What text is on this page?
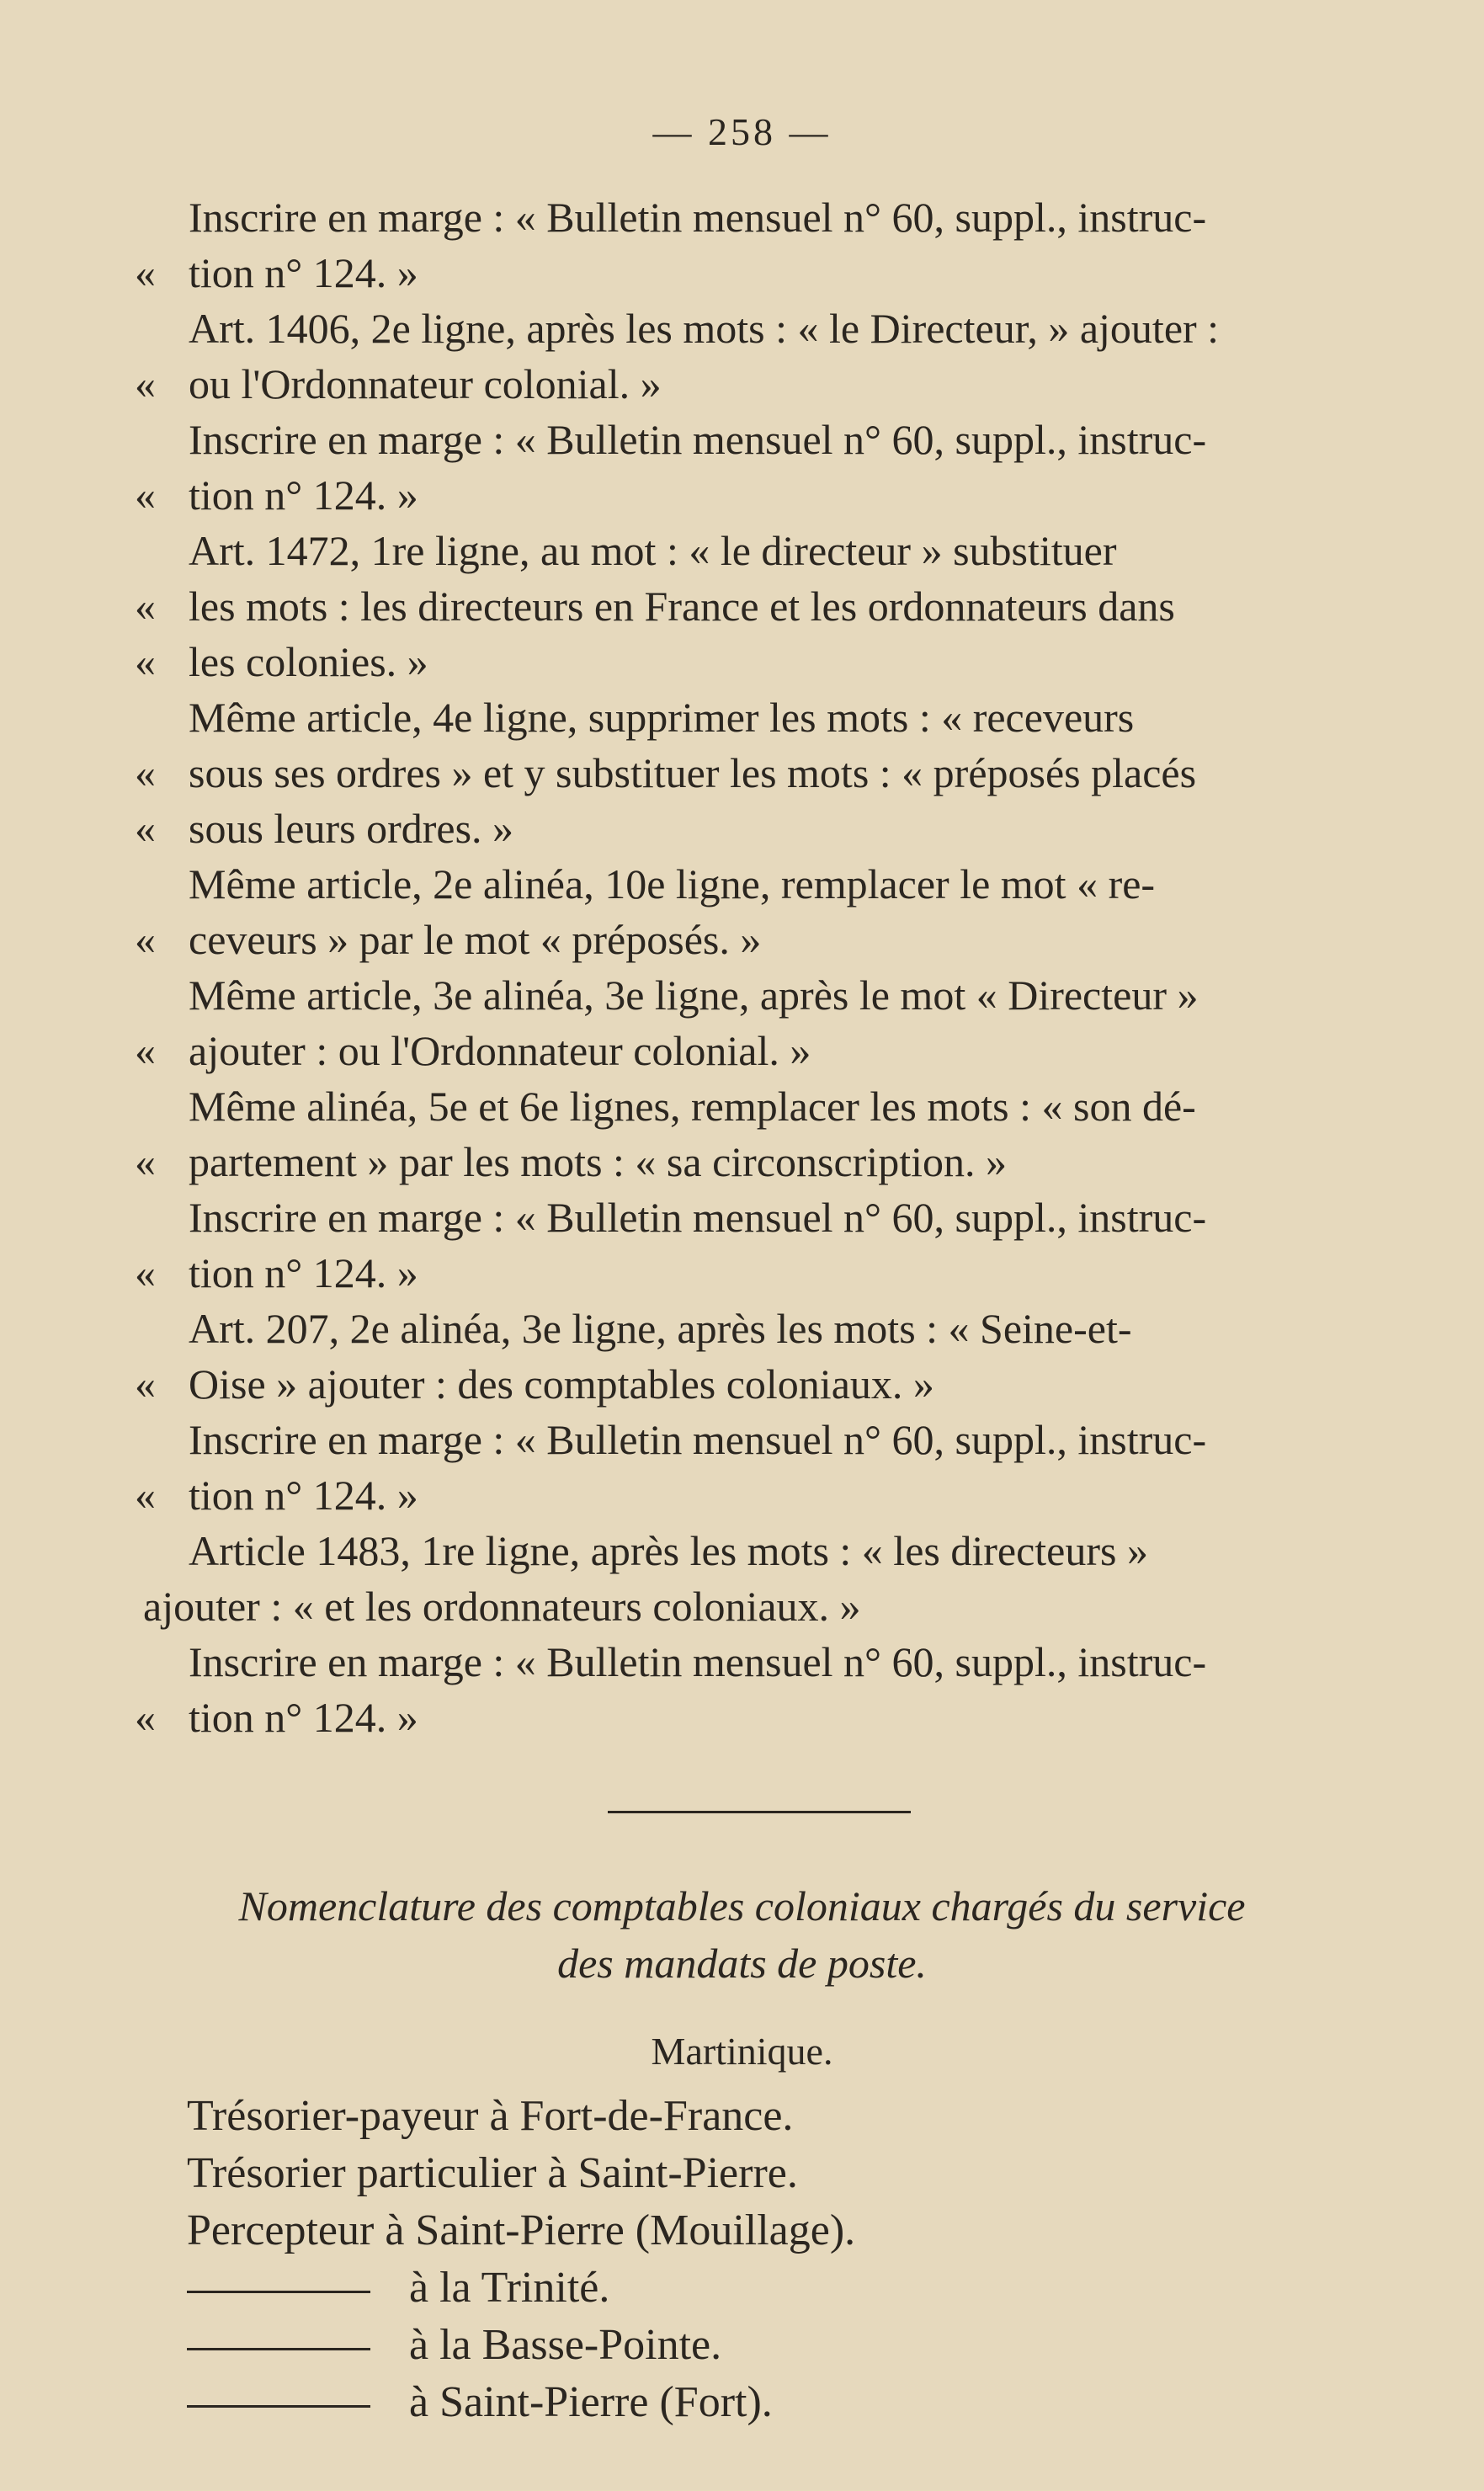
— 258 —
Inscrire en marge : « Bulletin mensuel n° 60, suppl., instruc-
« tion n° 124. »
Art. 1406, 2e ligne, après les mots : « le Directeur, » ajouter :
« ou l'Ordonnateur colonial. »
Inscrire en marge : « Bulletin mensuel n° 60, suppl., instruc-
« tion n° 124. »
Art. 1472, 1re ligne, au mot : « le directeur » substituer
« les mots : les directeurs en France et les ordonnateurs dans
« les colonies. »
Même article, 4e ligne, supprimer les mots : « receveurs
« sous ses ordres » et y substituer les mots : « préposés placés
« sous leurs ordres. »
Même article, 2e alinéa, 10e ligne, remplacer le mot « re-
« ceveurs » par le mot « préposés. »
Même article, 3e alinéa, 3e ligne, après le mot « Directeur »
« ajouter : ou l'Ordonnateur colonial. »
Même alinéa, 5e et 6e lignes, remplacer les mots : « son dé-
« partement » par les mots : « sa circonscription. »
Inscrire en marge : « Bulletin mensuel n° 60, suppl., instruc-
« tion n° 124. »
Art. 207, 2e alinéa, 3e ligne, après les mots : « Seine-et-
« Oise » ajouter : des comptables coloniaux. »
Inscrire en marge : « Bulletin mensuel n° 60, suppl., instruc-
« tion n° 124. »
Article 1483, 1re ligne, après les mots : « les directeurs »
ajouter : « et les ordonnateurs coloniaux. »
Inscrire en marge : « Bulletin mensuel n° 60, suppl., instruc-
« tion n° 124. »
Nomenclature des comptables coloniaux chargés du service
des mandats de poste.
Martinique.
Trésorier-payeur à Fort-de-France.
Trésorier particulier à Saint-Pierre.
Percepteur à Saint-Pierre (Mouillage).
à la Trinité.
à la Basse-Pointe.
à Saint-Pierre (Fort).
